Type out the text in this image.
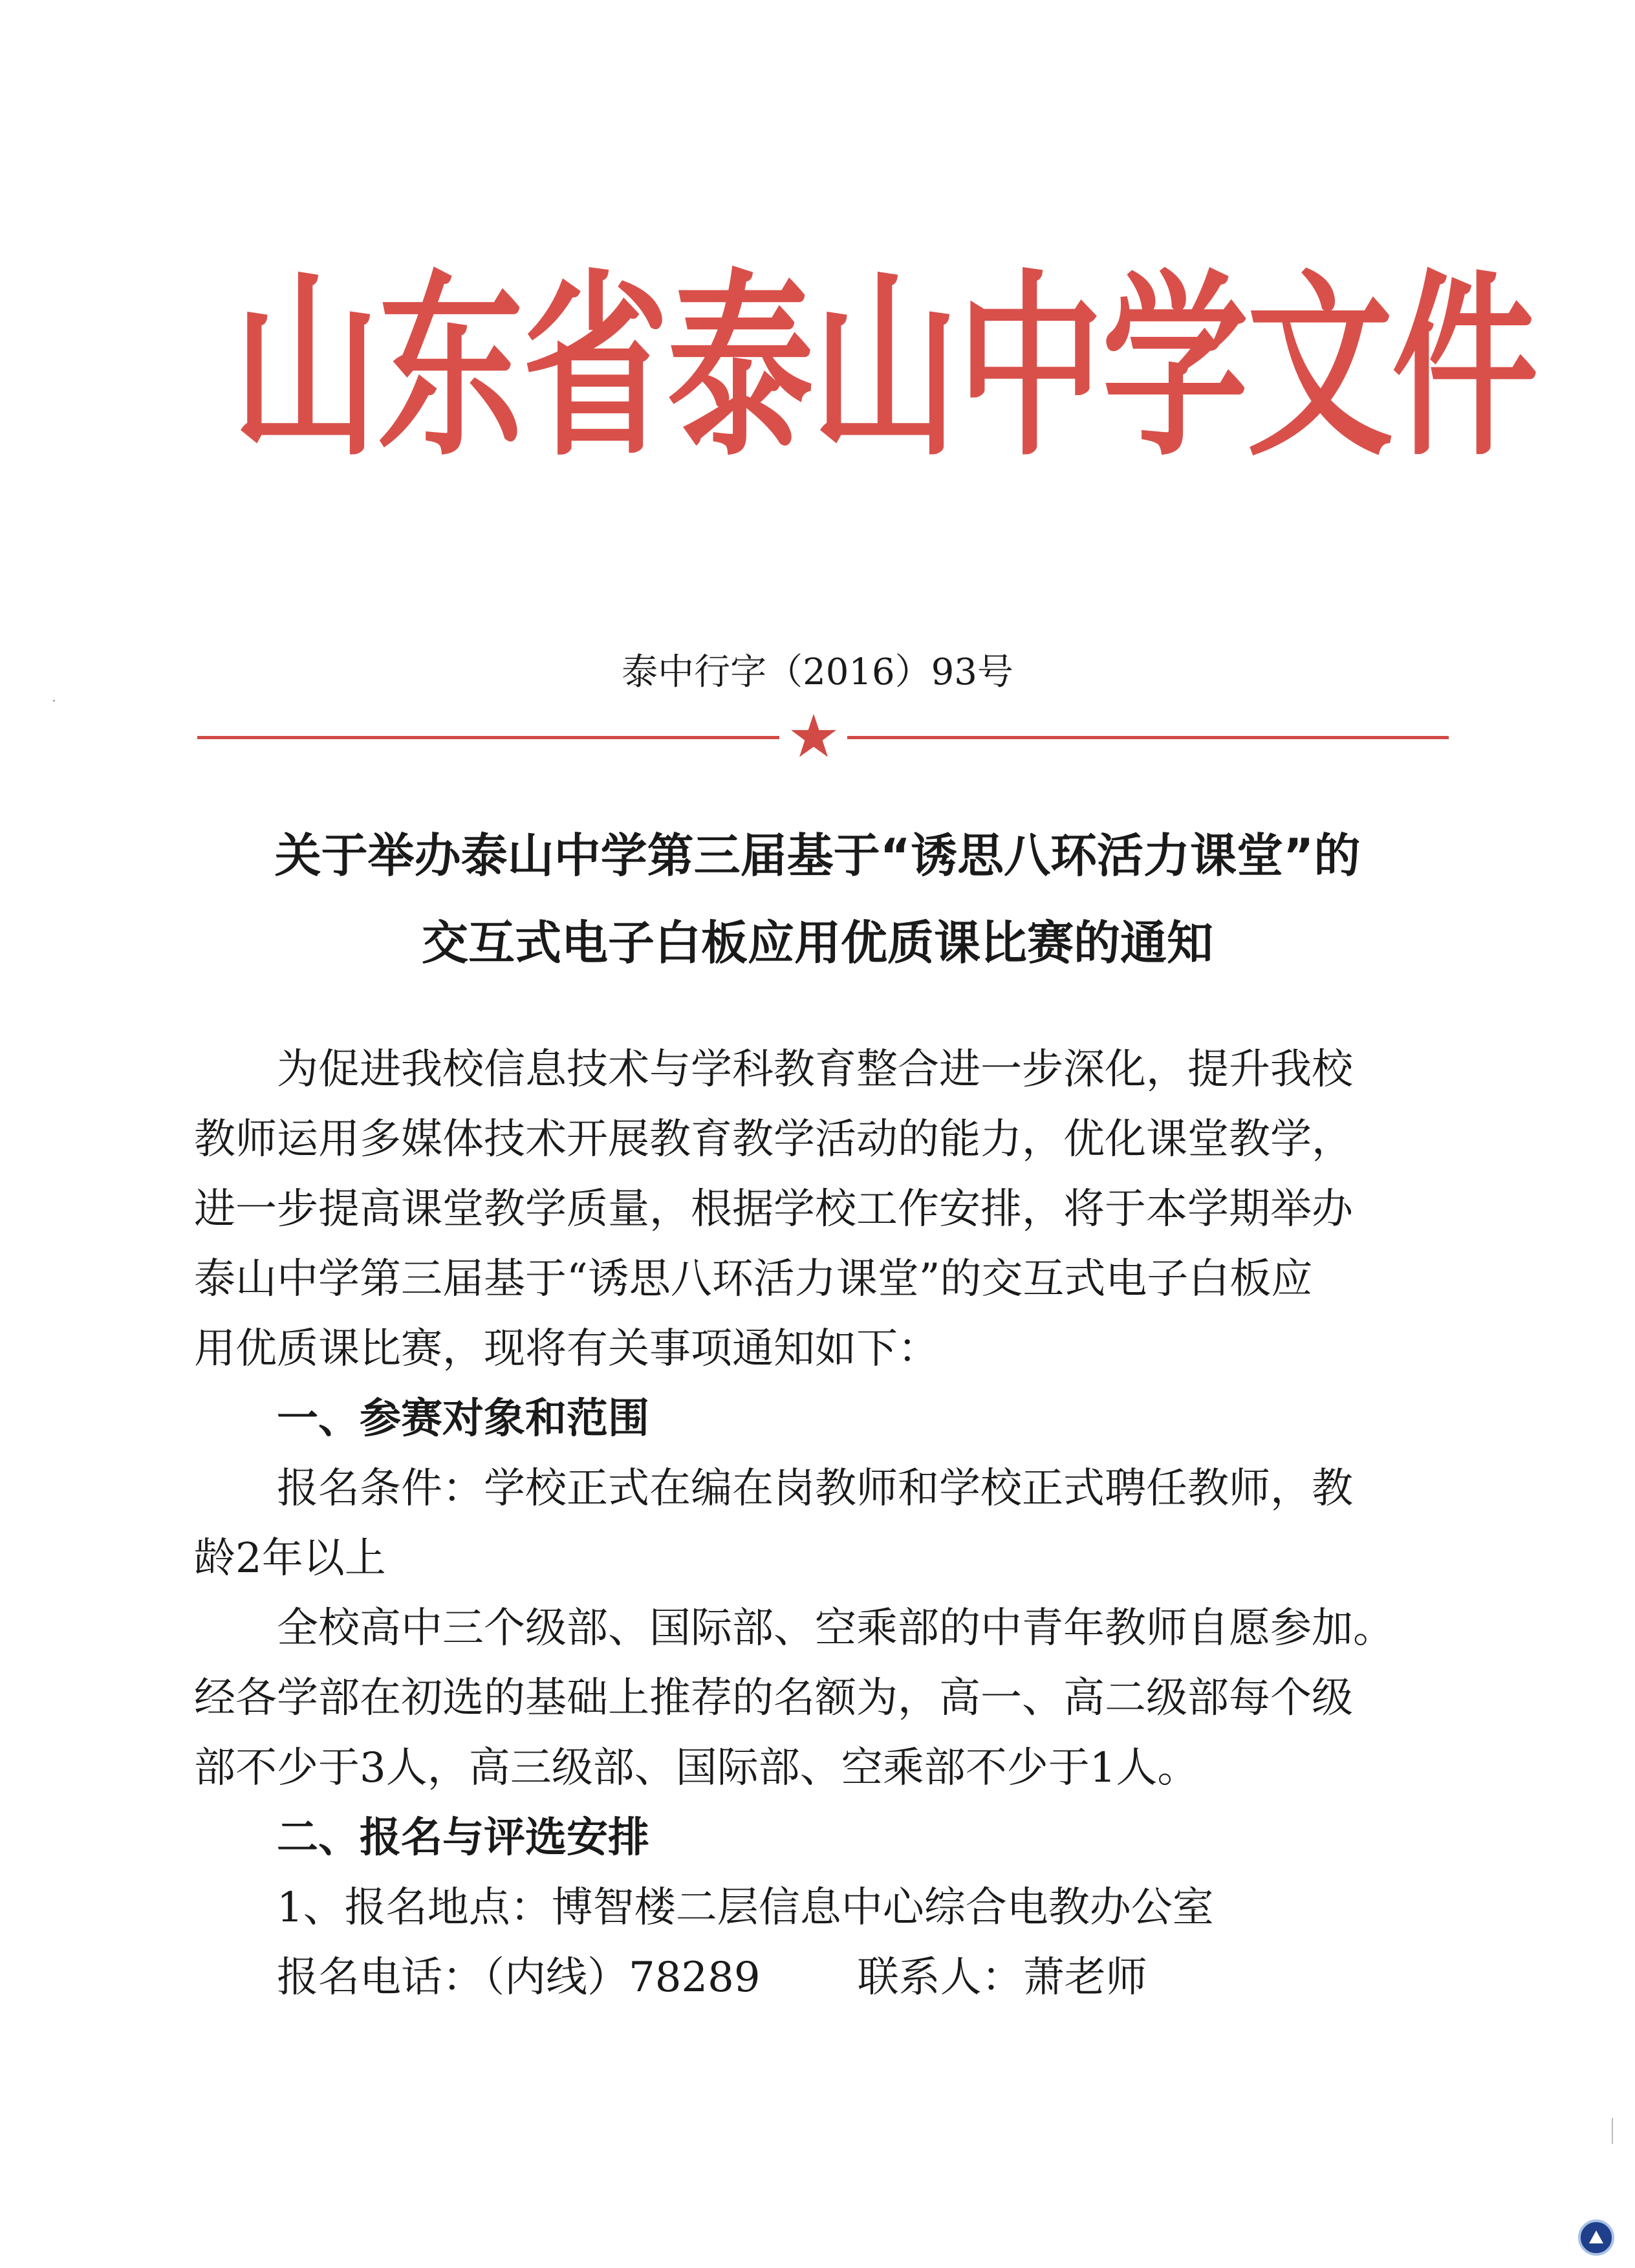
山东省泰山中学文件
泰中行字（2016）93号
关于举办泰山中学第三届基于“诱思八环活力课堂”的
交互式电子白板应用优质课比赛的通知
为促进我校信息技术与学科教育整合进一步深化，提升我校
教师运用多媒体技术开展教育教学活动的能力，优化课堂教学，
进一步提高课堂教学质量，根据学校工作安排，将于本学期举办
泰山中学第三届基于“诱思八环活力课堂”的交互式电子白板应
用优质课比赛，现将有关事项通知如下：
一、参赛对象和范围
报名条件：学校正式在编在岗教师和学校正式聘任教师，教
龄2年以上
全校高中三个级部、国际部、空乘部的中青年教师自愿参加。
经各学部在初选的基础上推荐的名额为，高一、高二级部每个级
部不少于3人，高三级部、国际部、空乘部不少于1人。
二、报名与评选安排
1、报名地点：博智楼二层信息中心综合电教办公室
报名电话：（内线）78289 联系人：萧老师
